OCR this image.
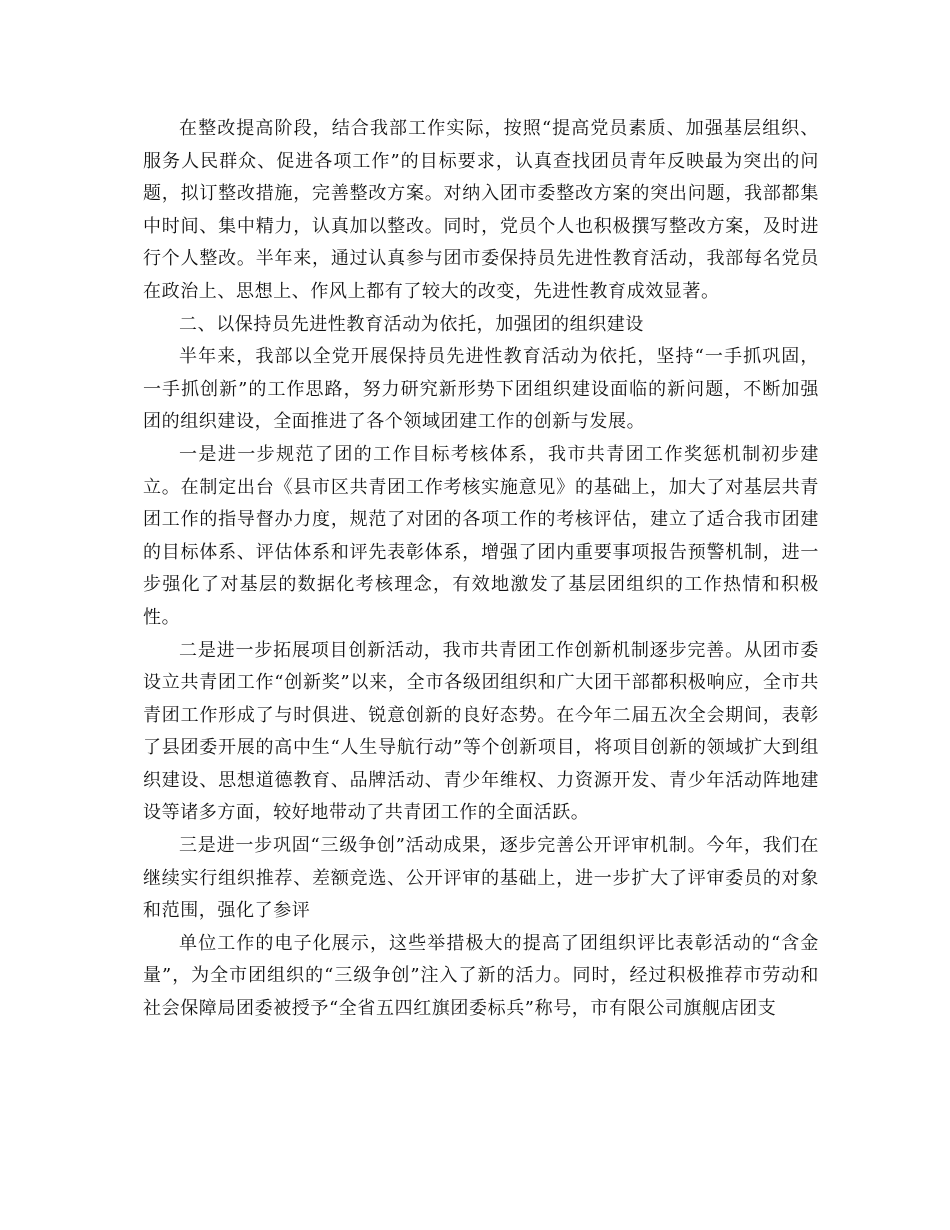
在整改提高阶段，结合我部工作实际，按照“提高党员素质、加强基层组织、服务人民群众、促进各项工作”的目标要求，认真查找团员青年反映最为突出的问题，拟订整改措施，完善整改方案。对纳入团市委整改方案的突出问题，我部都集中时间、集中精力，认真加以整改。同时，党员个人也积极撰写整改方案，及时进行个人整改。半年来，通过认真参与团市委保持员先进性教育活动，我部每名党员在政治上、思想上、作风上都有了较大的改变，先进性教育成效显著。

二、以保持员先进性教育活动为依托，加强团的组织建设

半年来，我部以全党开展保持员先进性教育活动为依托，坚持“一手抓巩固，一手抓创新”的工作思路，努力研究新形势下团组织建设面临的新问题，不断加强团的组织建设，全面推进了各个领域团建工作的创新与发展。

一是进一步规范了团的工作目标考核体系，我市共青团工作奖惩机制初步建立。在制定出台《县市区共青团工作考核实施意见》的基础上，加大了对基层共青团工作的指导督办力度，规范了对团的各项工作的考核评估，建立了适合我市团建的目标体系、评估体系和评先表彰体系，增强了团内重要事项报告预警机制，进一步强化了对基层的数据化考核理念，有效地激发了基层团组织的工作热情和积极性。

二是进一步拓展项目创新活动，我市共青团工作创新机制逐步完善。从团市委设立共青团工作“创新奖”以来，全市各级团组织和广大团干部都积极响应，全市共青团工作形成了与时俱进、锐意创新的良好态势。在今年二届五次全会期间，表彰了县团委开展的高中生“人生导航行动”等个创新项目，将项目创新的领域扩大到组织建设、思想道德教育、品牌活动、青少年维权、力资源开发、青少年活动阵地建设等诸多方面，较好地带动了共青团工作的全面活跃。

三是进一步巩固“三级争创”活动成果，逐步完善公开评审机制。今年，我们在继续实行组织推荐、差额竞选、公开评审的基础上，进一步扩大了评审委员的对象和范围，强化了参评

单位工作的电子化展示，这些举措极大的提高了团组织评比表彰活动的“含金量”，为全市团组织的“三级争创”注入了新的活力。同时，经过积极推荐市劳动和社会保障局团委被授予“全省五四红旗团委标兵”称号，市有限公司旗舰店团支
